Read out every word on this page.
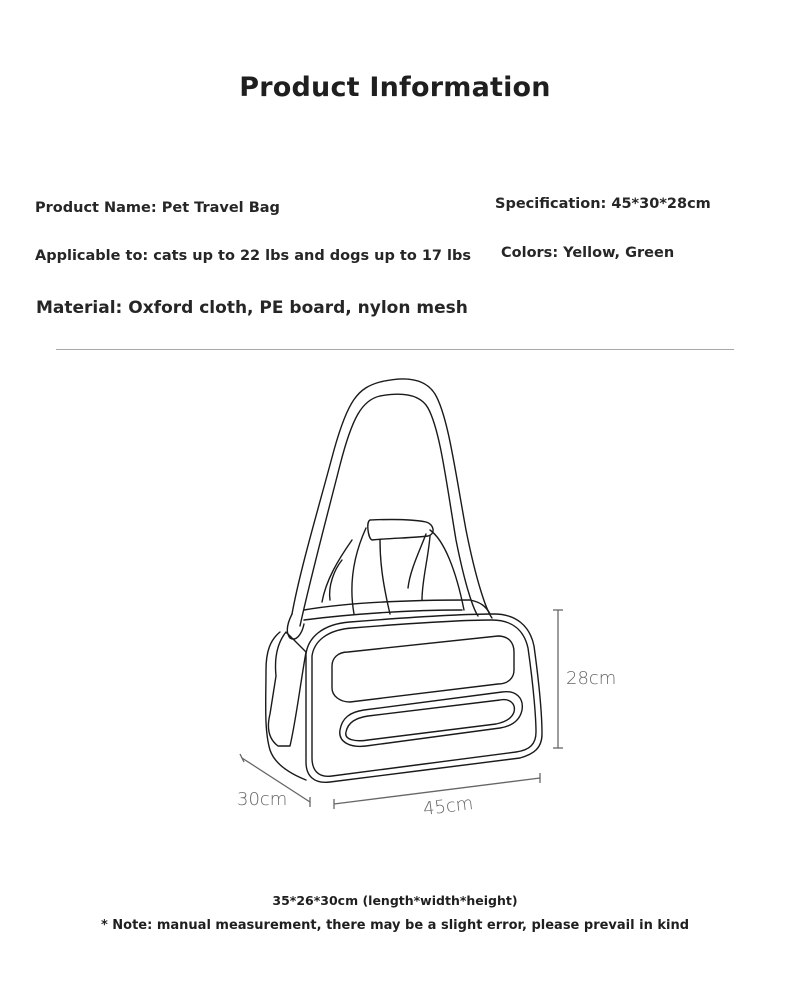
Product Information
Product Name: Pet Travel Bag
Applicable to: cats up to 22 lbs and dogs up to 17 lbs
Material: Oxford cloth, PE board, nylon mesh
Specification: 45*30*28cm
Colors: Yellow, Green
28cm
30cm	45cm
35*26*30cm (length*width*height)
* Note: manual measurement, there may be a slight error, please prevail in kind
